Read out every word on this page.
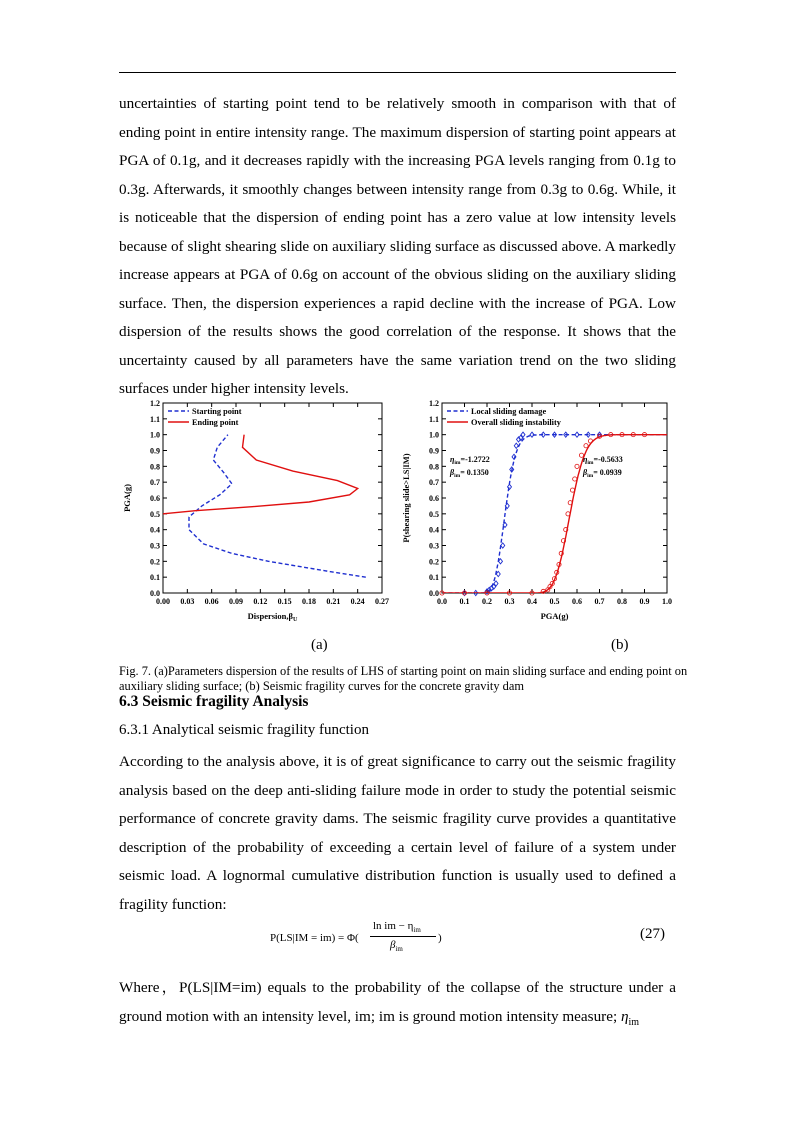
uncertainties of starting point tend to be relatively smooth in comparison with that of ending point in entire intensity range. The maximum dispersion of starting point appears at PGA of 0.1g, and it decreases rapidly with the increasing PGA levels ranging from 0.1g to 0.3g. Afterwards, it smoothly changes between intensity range from 0.3g to 0.6g. While, it is noticeable that the dispersion of ending point has a zero value at low intensity levels because of slight shearing slide on auxiliary sliding surface as discussed above. A markedly increase appears at PGA of 0.6g on account of the obvious sliding on the auxiliary sliding surface. Then, the dispersion experiences a rapid decline with the increase of PGA. Low dispersion of the results shows the good correlation of the response. It shows that the uncertainty caused by all parameters have the same variation trend on the two sliding surfaces under higher intensity levels.

0.00 0.03 0.06 0.09 0.12 0.15 0.18 0.21 0.24 0.27
0.0
0.1
0.2
0.3
0.4
0.5
0.6
0.7
0.8
0.9
1.0
1.1
1.2
$Dispersion,\beta_U$
PGA(g)
Starting point
Ending point
0.0 0.1 0.2 0.3 0.4 0.5 0.6 0.7 0.8 0.9 1.0
0.0
0.1
0.2
0.3
0.4
0.5
0.6
0.7
0.8
0.9
1.0
1.1
1.2
PGA(g)
P(shearing slide>LS|IM)
Local sliding damage
Overall sliding instability
$\eta_{im}=-1.2722$
$\beta_{im}= 0.1350$
$\eta_{im}=-0.5633$
$\beta_{im}= 0.0939$
(a)	(b)
Fig. 7. (a)Parameters dispersion of the results of LHS of starting point on main sliding surface and ending point on auxiliary sliding surface; (b) Seismic fragility curves for the concrete gravity dam
6.3 Seismic fragility Analysis
6.3.1 Analytical seismic fragility function

According to the analysis above, it is of great significance to carry out the seismic fragility analysis based on the deep anti-sliding failure mode in order to study the potential seismic performance of concrete gravity dams. The seismic fragility curve provides a quantitative description of the probability of exceeding a certain level of failure of a system under seismic load. A lognormal cumulative distribution function is usually used to defined a fragility function:

P(LS|IM = im) = Φ(
ln im − $\eta_{im}$
$\beta_{im}$
)	(27)

Where，P(LS|IM=im) equals to the probability of the collapse of the structure under a ground motion with an intensity level, im; im is ground motion intensity measure; $\eta_{im}$
